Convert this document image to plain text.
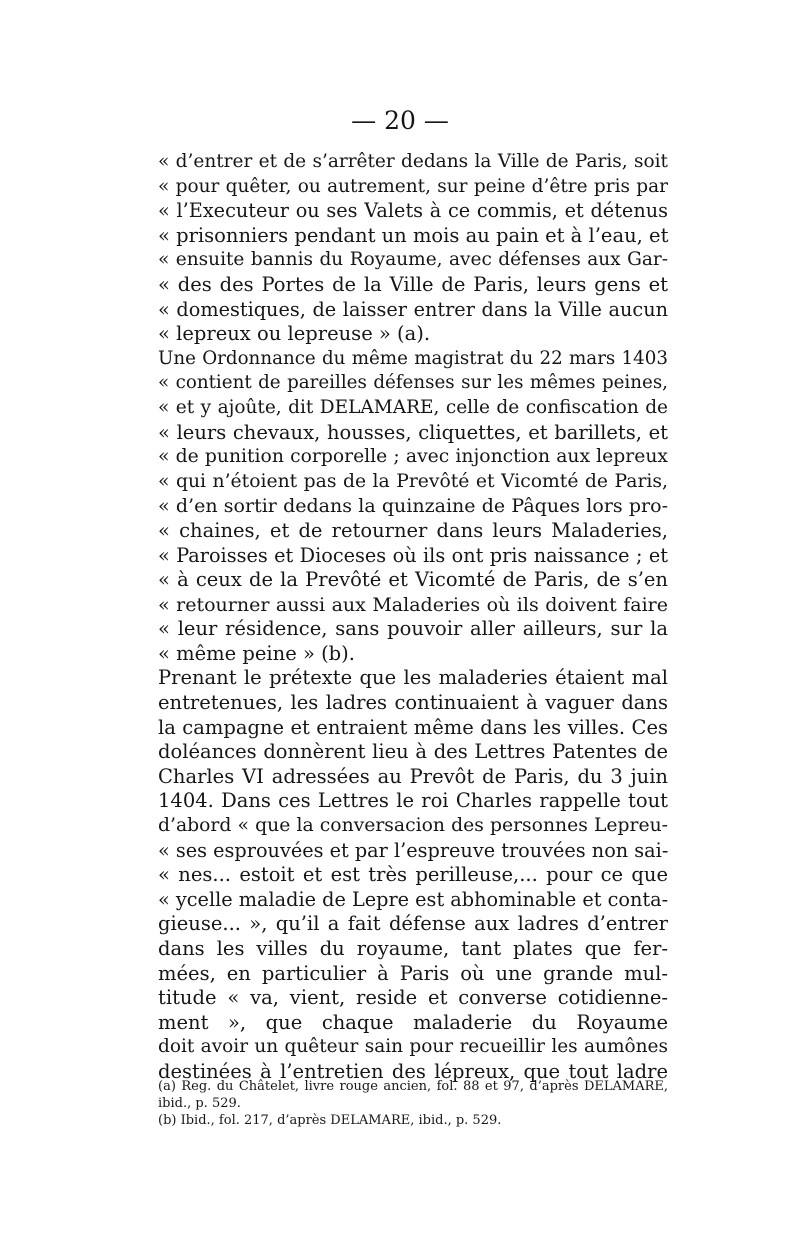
— 20 —
« d’entrer et de s’arrêter dedans la Ville de Paris, soit
« pour quêter, ou autrement, sur peine d’être pris par
« l’Executeur ou ses Valets à ce commis, et détenus
« prisonniers pendant un mois au pain et à l’eau, et
« ensuite bannis du Royaume, avec défenses aux Gar-
« des des Portes de la Ville de Paris, leurs gens et
« domestiques, de laisser entrer dans la Ville aucun
« lepreux ou lepreuse » (a).
Une Ordonnance du même magistrat du 22 mars 1403
« contient de pareilles défenses sur les mêmes peines,
« et y ajoûte, dit DELAMARE, celle de confiscation de
« leurs chevaux, housses, cliquettes, et barillets, et
« de punition corporelle ; avec injonction aux lepreux
« qui n’étoient pas de la Prevôté et Vicomté de Paris,
« d’en sortir dedans la quinzaine de Pâques lors pro-
« chaines, et de retourner dans leurs Maladeries,
« Paroisses et Dioceses où ils ont pris naissance ; et
« à ceux de la Prevôté et Vicomté de Paris, de s’en
« retourner aussi aux Maladeries où ils doivent faire
« leur résidence, sans pouvoir aller ailleurs, sur la
« même peine » (b).
Prenant le prétexte que les maladeries étaient mal
entretenues, les ladres continuaient à vaguer dans
la campagne et entraient même dans les villes. Ces
doléances donnèrent lieu à des Lettres Patentes de
Charles VI adressées au Prevôt de Paris, du 3 juin
1404. Dans ces Lettres le roi Charles rappelle tout
d’abord « que la conversacion des personnes Lepreu-
« ses esprouvées et par l’espreuve trouvées non sai-
« nes... estoit et est très perilleuse,... pour ce que
« ycelle maladie de Lepre est abhominable et conta-
gieuse... », qu’il a fait défense aux ladres d’entrer
dans les villes du royaume, tant plates que fer-
mées, en particulier à Paris où une grande mul-
titude « va, vient, reside et converse cotidienne-
ment », que chaque maladerie du Royaume
doit avoir un quêteur sain pour recueillir les aumônes
destinées à l’entretien des lépreux, que tout ladre
(a) Reg. du Châtelet, livre rouge ancien, fol. 88 et 97, d’après DELAMARE,
ibid., p. 529.
(b) Ibid., fol. 217, d’après DELAMARE, ibid., p. 529.
